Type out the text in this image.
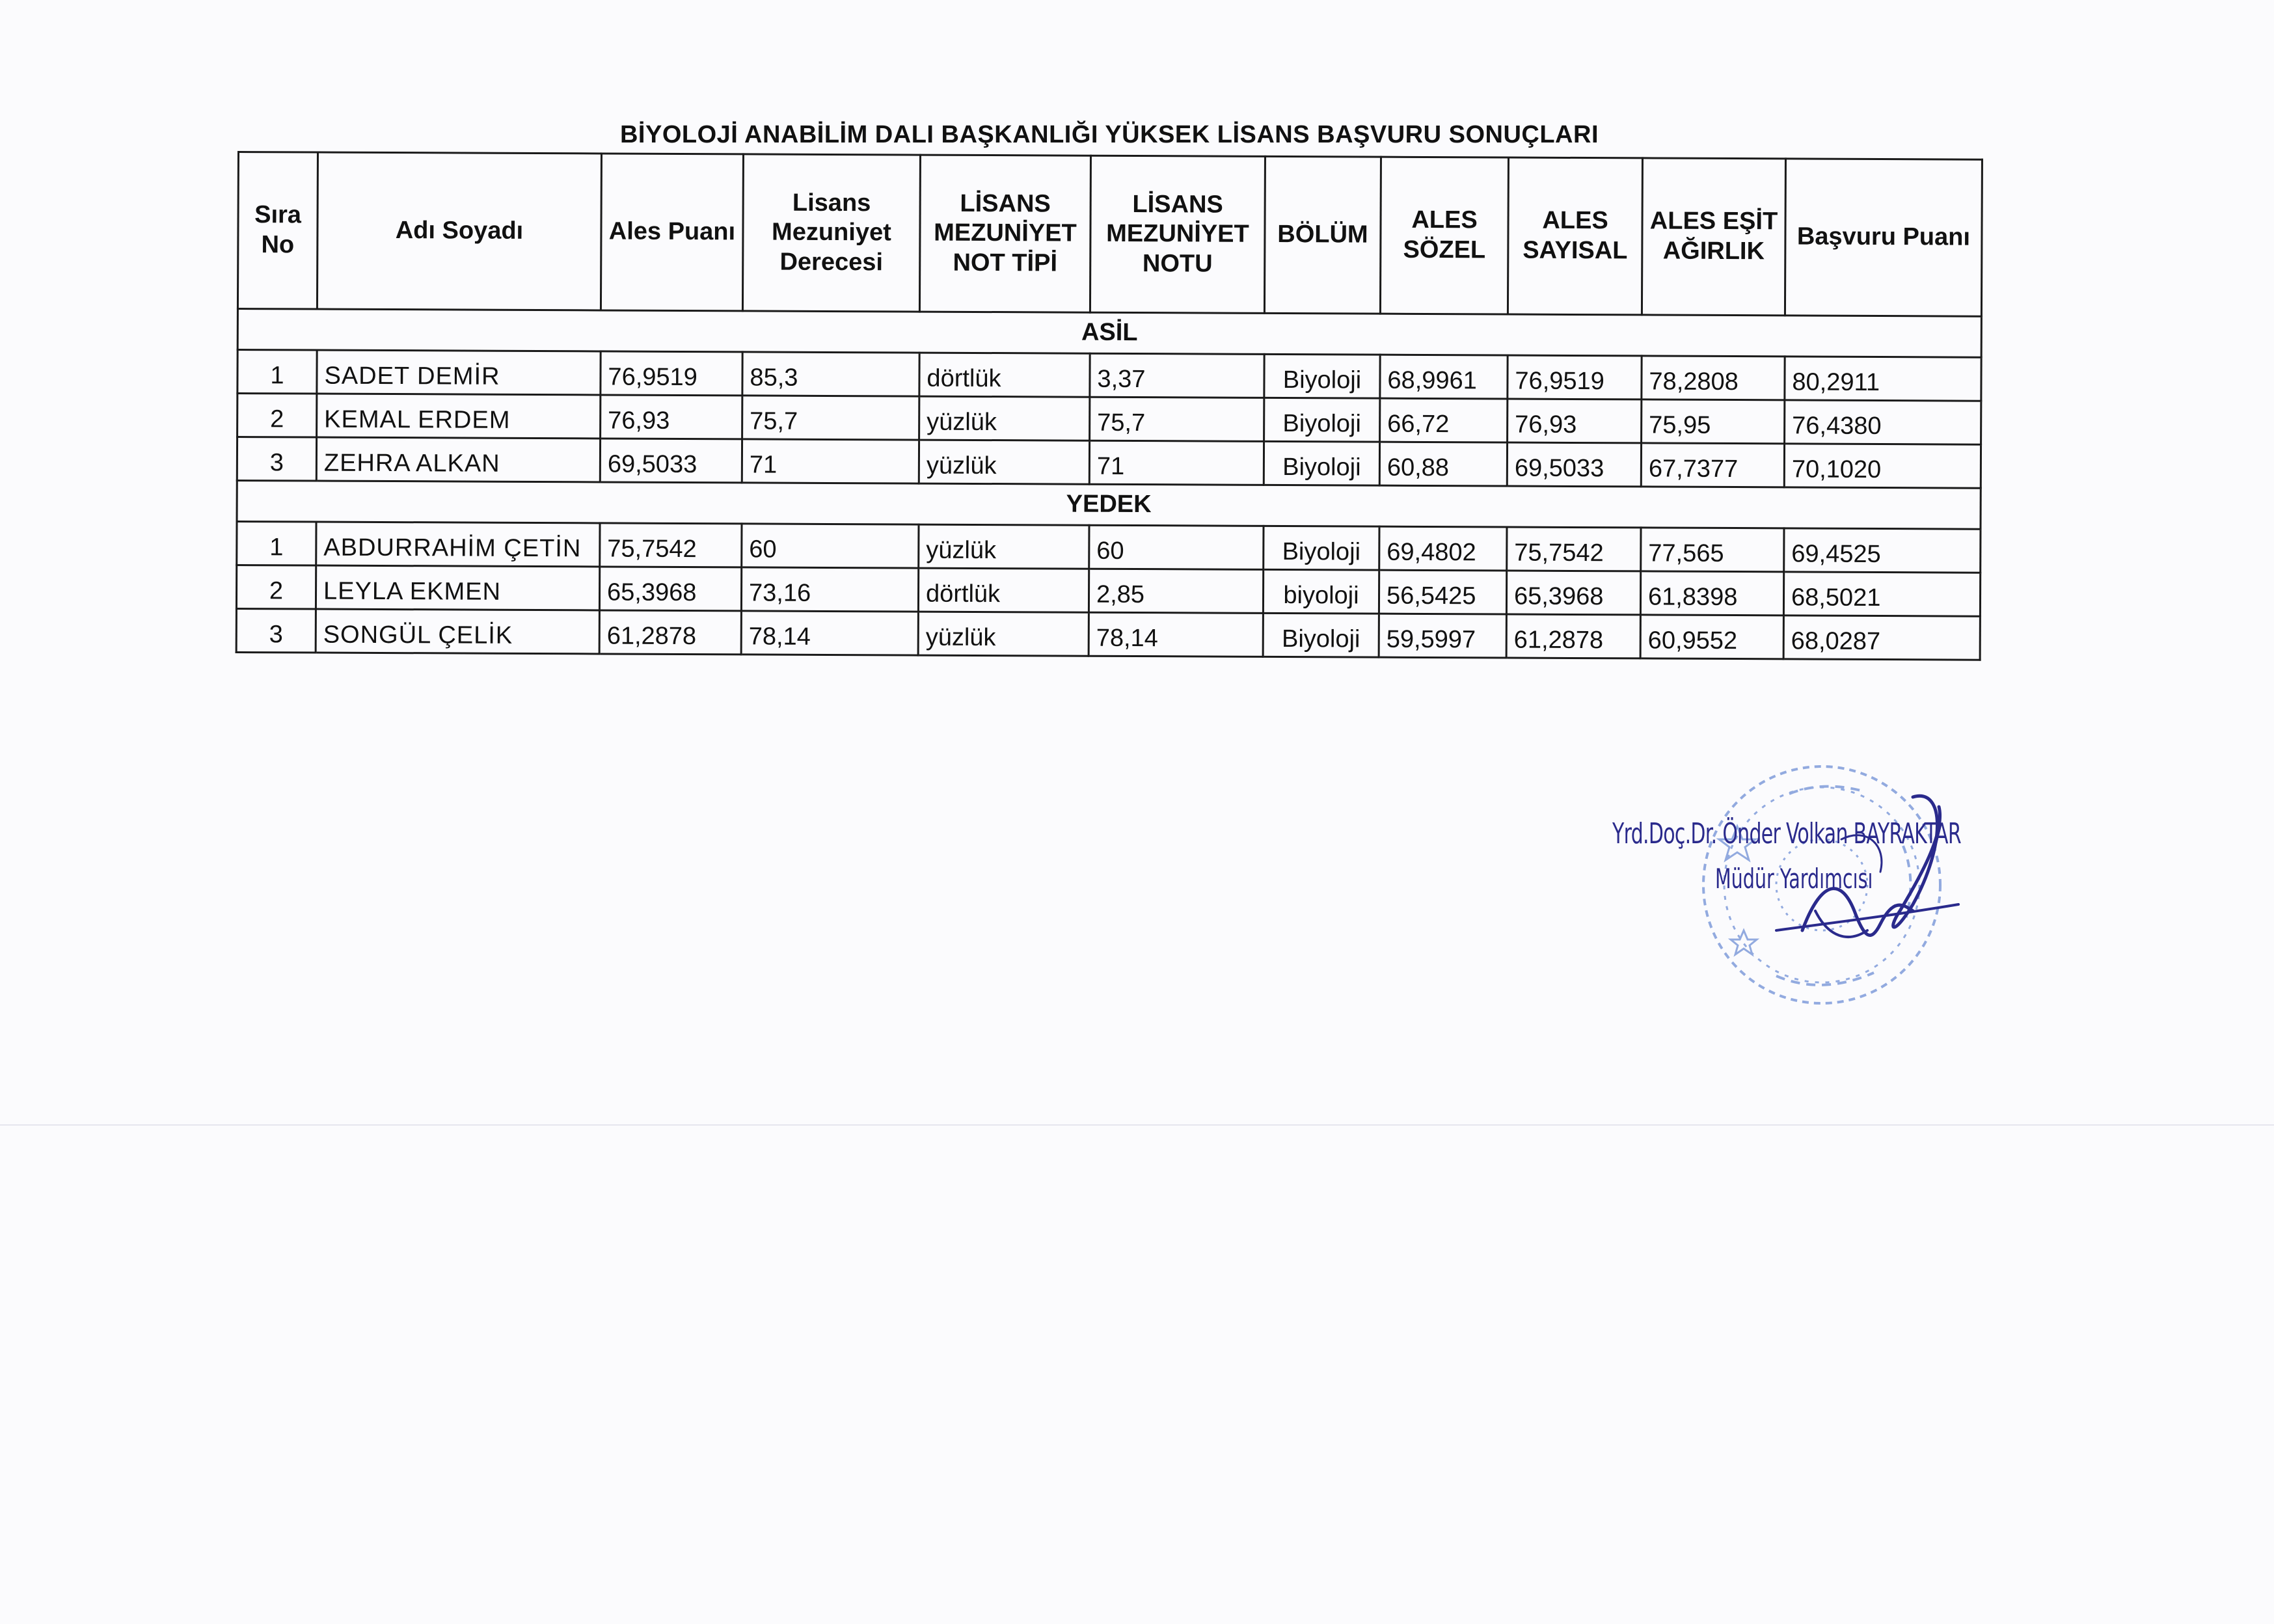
BİYOLOJİ ANABİLİM DALI BAŞKANLIĞI YÜKSEK LİSANS BAŞVURU SONUÇLARI
Sıra
No	Adı Soyadı	Ales Puanı	Lisans
Mezuniyet
Derecesi	LİSANS
MEZUNİYET
NOT TİPİ	LİSANS
MEZUNİYET
NOTU	BÖLÜM	ALES
SÖZEL	ALES
SAYISAL	ALES EŞİT
AĞIRLIK	Başvuru Puanı
ASİL										
1	SADET DEMİR	76,9519	85,3	dörtlük	3,37	Biyoloji	68,9961	76,9519	78,2808	80,2911
2	KEMAL ERDEM	76,93	75,7	yüzlük	75,7	Biyoloji	66,72	76,93	75,95	76,4380
3	ZEHRA ALKAN	69,5033	71	yüzlük	71	Biyoloji	60,88	69,5033	67,7377	70,1020
YEDEK										
1	ABDURRAHİM ÇETİN	75,7542	60	yüzlük	60	Biyoloji	69,4802	75,7542	77,565	69,4525
2	LEYLA EKMEN	65,3968	73,16	dörtlük	2,85	biyoloji	56,5425	65,3968	61,8398	68,5021
3	SONGÜL ÇELİK	61,2878	78,14	yüzlük	78,14	Biyoloji	59,5997	61,2878	60,9552	68,0287
Yrd.Doç.Dr. Önder Volkan BAYRAKTAR
Müdür Yardımcısı
